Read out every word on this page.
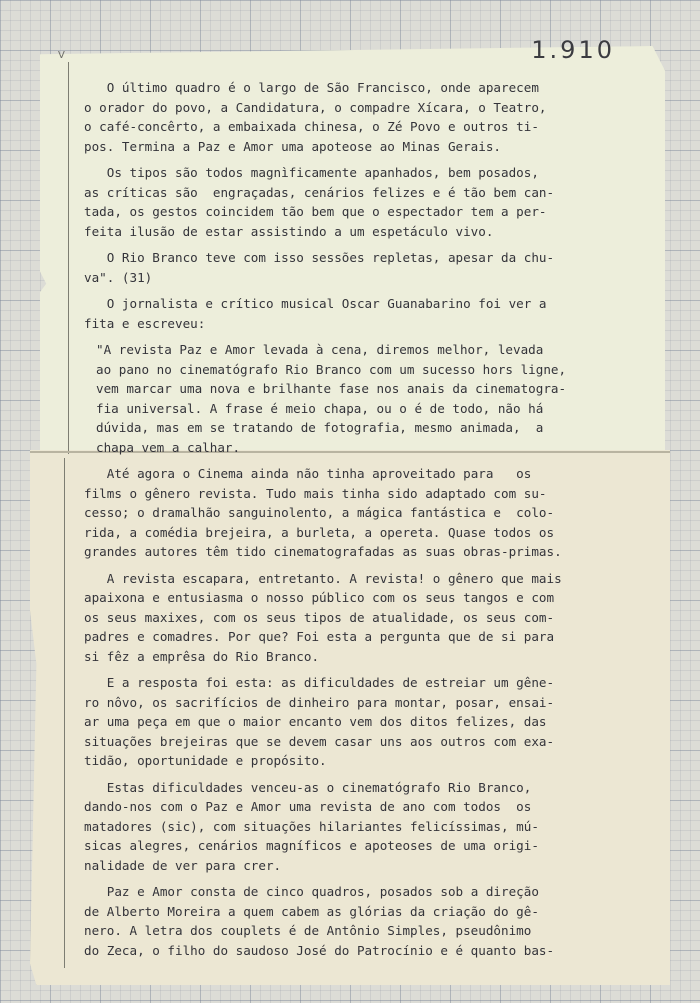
V	1.910

O último quadro é o largo de São Francisco, onde aparecem
o orador do povo, a Candidatura, o compadre Xícara, o Teatro,
o café-concêrto, a embaixada chinesa, o Zé Povo e outros ti-
pos. Termina a Paz e Amor uma apoteose ao Minas Gerais.

Os tipos são todos magnìficamente apanhados, bem posados,
as críticas são  engraçadas, cenários felizes e é tão bem can-
tada, os gestos coincidem tão bem que o espectador tem a per-
feita ilusão de estar assistindo a um espetáculo vivo.

O Rio Branco teve com isso sessões repletas, apesar da chu-
va". (31)

O jornalista e crítico musical Oscar Guanabarino foi ver a
fita e escreveu:

"A revista Paz e Amor levada à cena, diremos melhor, levada
ao pano no cinematógrafo Rio Branco com um sucesso hors ligne,
vem marcar uma nova e brilhante fase nos anais da cinematogra-
fia universal. A frase é meio chapa, ou o é de todo, não há
dúvida, mas em se tratando de fotografia, mesmo animada,  a
chapa vem a calhar.

Até agora o Cinema ainda não tinha aproveitado para   os
films o gênero revista. Tudo mais tinha sido adaptado com su-
cesso; o dramalhão sanguinolento, a mágica fantástica e  colo-
rida, a comédia brejeira, a burleta, a opereta. Quase todos os
grandes autores têm tido cinematografadas as suas obras-primas.

A revista escapara, entretanto. A revista! o gênero que mais
apaixona e entusiasma o nosso público com os seus tangos e com
os seus maxixes, com os seus tipos de atualidade, os seus com-
padres e comadres. Por que? Foi esta a pergunta que de si para
si fêz a emprêsa do Rio Branco.

E a resposta foi esta: as dificuldades de estreiar um gêne-
ro nôvo, os sacrifícios de dinheiro para montar, posar, ensai-
ar uma peça em que o maior encanto vem dos ditos felizes, das
situações brejeiras que se devem casar uns aos outros com exa-
tidão, oportunidade e propósito.

Estas dificuldades venceu-as o cinematógrafo Rio Branco,
dando-nos com o Paz e Amor uma revista de ano com todos  os
matadores (sic), com situações hilariantes felicíssimas, mú-
sicas alegres, cenários magníficos e apoteoses de uma origi-
nalidade de ver para crer.

Paz e Amor consta de cinco quadros, posados sob a direção
de Alberto Moreira a quem cabem as glórias da criação do gê-
nero. A letra dos couplets é de Antônio Simples, pseudônimo
do Zeca, o filho do saudoso José do Patrocínio e é quanto bas-
